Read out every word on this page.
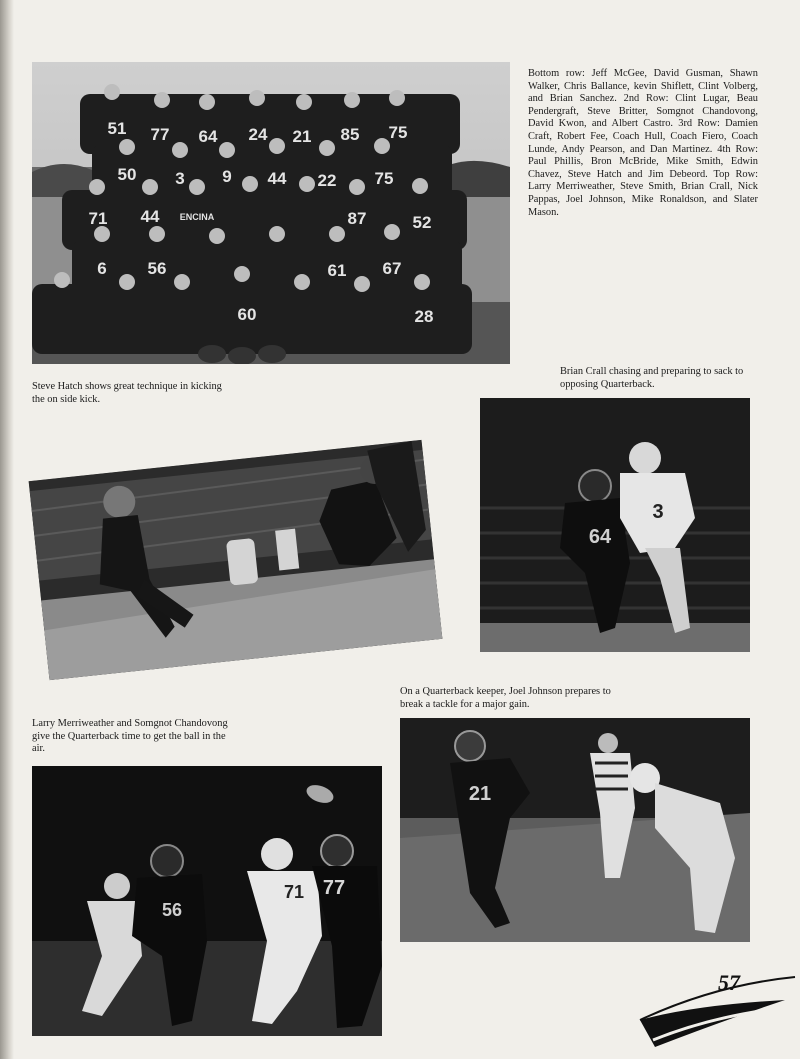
51 77 64 24 21 85 75
50 3 9 44 22 75
71 44 ENCINA	87	52
6 56	61 67
60	28
Bottom row: Jeff McGee, David Gusman, Shawn Walker, Chris Ballance, kevin Shiflett, Clint Volberg, and Brian Sanchez. 2nd Row: Clint Lugar, Beau Pendergraft, Steve Britter, Somgnot Chandovong, David Kwon, and Albert Castro. 3rd Row: Damien Craft, Robert Fee, Coach Hull, Coach Fiero, Coach Lunde, Andy Pearson, and Dan Martinez. 4th Row: Paul Phillis, Bron McBride, Mike Smith, Edwin Chavez, Steve Hatch and Jim Debeord. Top Row: Larry Merriweather, Steve Smith, Brian Crall, Nick Pappas, Joel Johnson, Mike Ronaldson, and Slater Mason.
Steve Hatch shows great technique in kicking the on side kick.
Brian Crall chasing and preparing to sack to opposing Quarterback.
64
3
On a Quarterback keeper, Joel Johnson prepares to break a tackle for a major gain.
21
Larry Merriweather and Somgnot Chandovong give the Quarterback time to get the ball in the air.
56
71 77
57
